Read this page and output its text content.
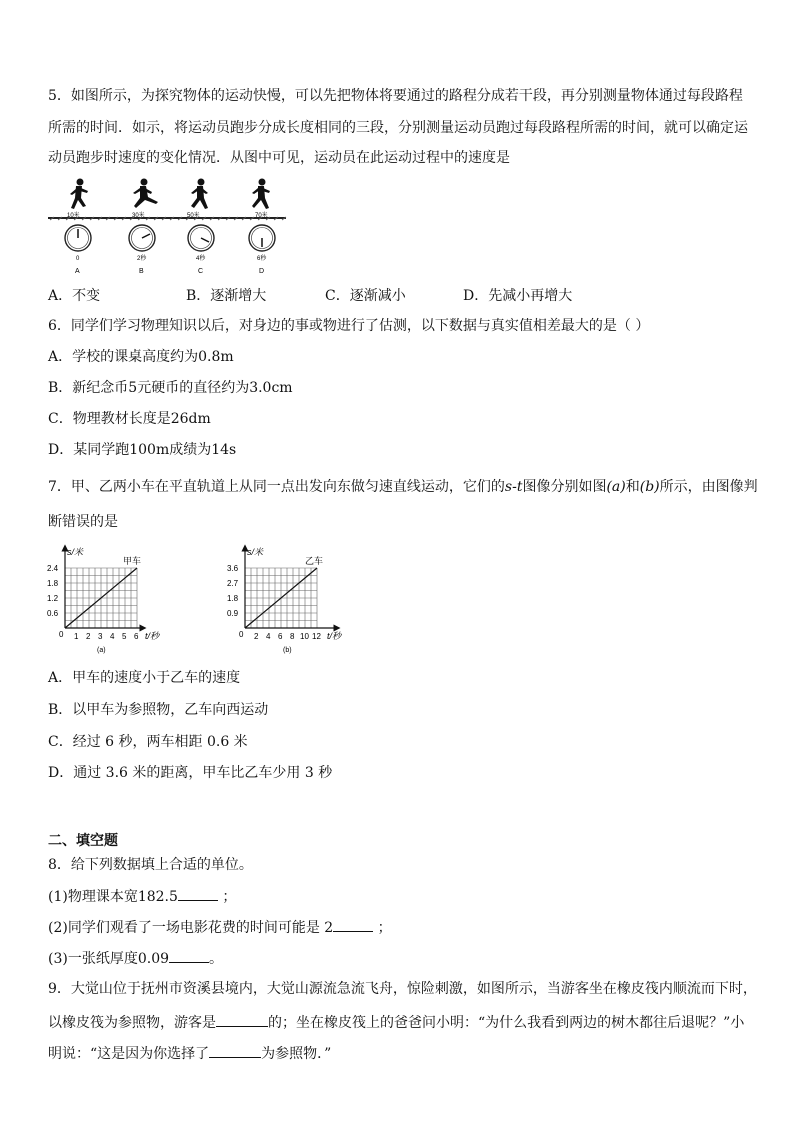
5．如图所示，为探究物体的运动快慢，可以先把物体将要通过的路程分成若干段，再分别测量物体通过每段路程
所需的时间．如示，将运动员跑步分成长度相同的三段，分别测量运动员跑过每段路程所需的时间，就可以确定运
动员跑步时速度的变化情况．从图中可见，运动员在此运动过程中的速度是
10米	30米	50米	70米
0	2秒	4秒	6秒
A	B	C	D
A．不变	B．逐渐增大	C．逐渐减小	D．先减小再增大
6．同学们学习物理知识以后，对身边的事或物进行了估测，以下数据与真实值相差最大的是（ ）
A．学校的课桌高度约为0.8m
B．新纪念币5元硬币的直径约为3.0cm
C．物理教材长度是26dm
D．某同学跑100m成绩为14s
7．甲、乙两小车在平直轨道上从同一点出发向东做匀速直线运动，它们的s-t图像分别如图(a)和(b)所示，由图像判
断错误的是
s/米
甲车
2.4
1.8
1.2
0.6
0 1 2 3 4 5 6 t/秒
(a)
s/米
乙车
3.6
2.7
1.8
0.9
0 2 4 6 8 10 12 t/秒
(b)
A．甲车的速度小于乙车的速度
B．以甲车为参照物，乙车向西运动
C．经过 6 秒，两车相距 0.6 米
D．通过 3.6 米的距离，甲车比乙车少用 3 秒
二、填空题
8．给下列数据填上合适的单位。
(1)物理课本宽182.5	；
(2)同学们观看了一场电影花费的时间可能是 2	；
(3)一张纸厚度0.09	。
9．大觉山位于抚州市资溪县境内，大觉山源流急流飞舟，惊险刺激，如图所示，当游客坐在橡皮筏内顺流而下时，
以橡皮筏为参照物，游客是	的；坐在橡皮筏上的爸爸问小明：“为什么我看到两边的树木都往后退呢？”小
明说：“这是因为你选择了	为参照物．”
